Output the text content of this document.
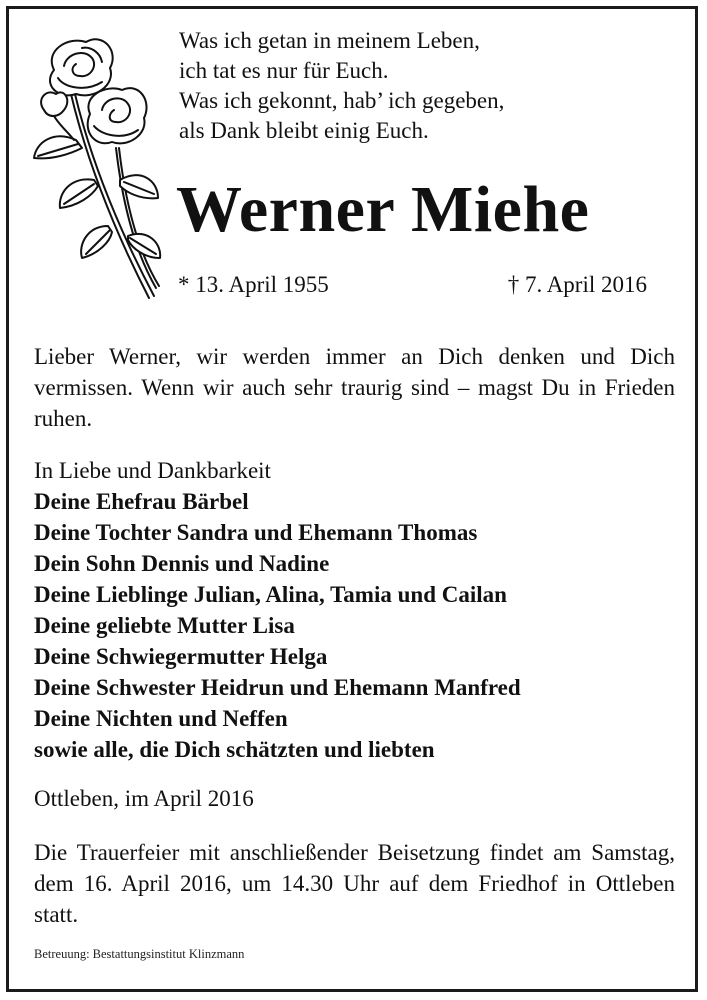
Was ich getan in meinem Leben,
ich tat es nur für Euch.
Was ich gekonnt, hab’ ich gegeben,
als Dank bleibt einig Euch.
Werner Miehe
* 13. April 1955	† 7. April 2016
Lieber Werner, wir werden immer an Dich denken und Dich vermissen. Wenn wir auch sehr traurig sind – magst Du in Frieden ruhen.
In Liebe und Dankbarkeit
Deine Ehefrau Bärbel
Deine Tochter Sandra und Ehemann Thomas
Dein Sohn Dennis und Nadine
Deine Lieblinge Julian, Alina, Tamia und Cailan
Deine geliebte Mutter Lisa
Deine Schwiegermutter Helga
Deine Schwester Heidrun und Ehemann Manfred
Deine Nichten und Neffen
sowie alle, die Dich schätzten und liebten
Ottleben, im April 2016
Die Trauerfeier mit anschließender Beisetzung findet am Samstag, dem 16. April 2016, um 14.30 Uhr auf dem Friedhof in Ottleben statt.
Betreuung: Bestattungsinstitut Klinzmann
